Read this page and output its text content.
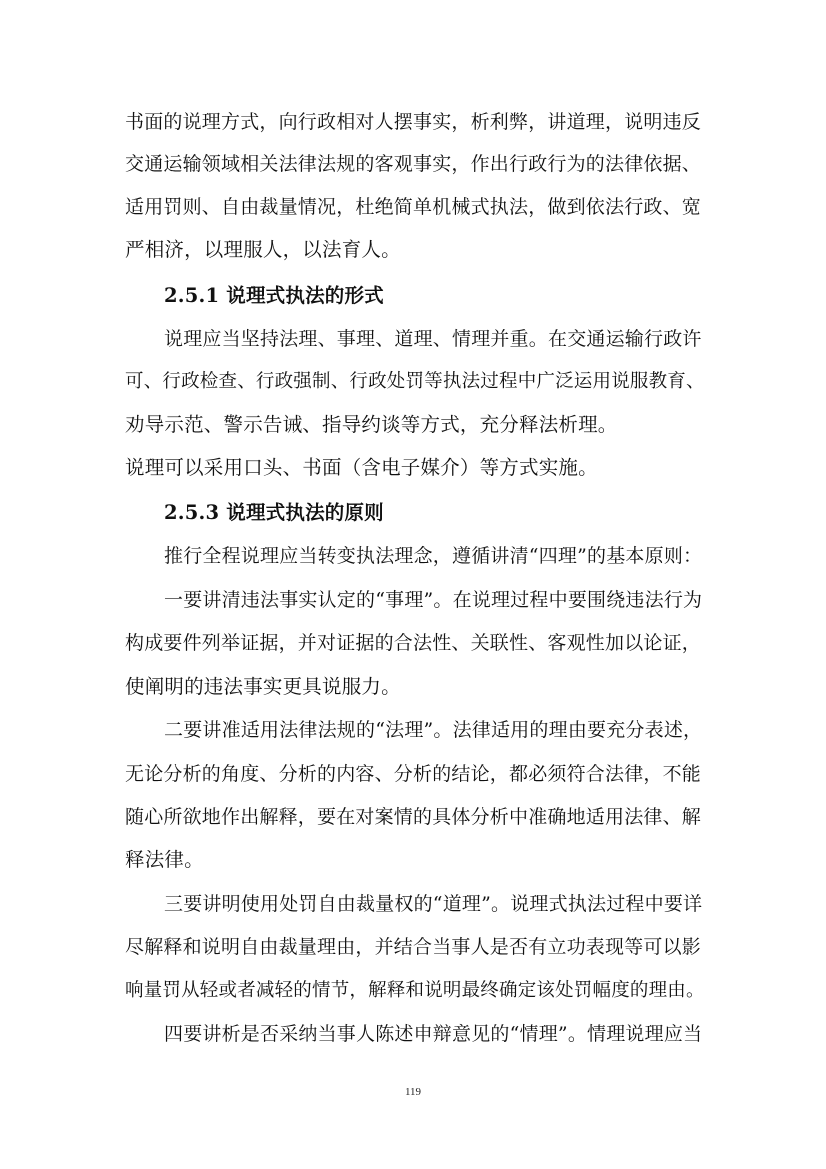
书面的说理方式，向行政相对人摆事实，析利弊，讲道理，说明违反
交通运输领域相关法律法规的客观事实，作出行政行为的法律依据、
适用罚则、自由裁量情况，杜绝简单机械式执法，做到依法行政、宽
严相济，以理服人，以法育人。
2.5.1 说理式执法的形式
说理应当坚持法理、事理、道理、情理并重。在交通运输行政许
可、行政检查、行政强制、行政处罚等执法过程中广泛运用说服教育、
劝导示范、警示告诫、指导约谈等方式，充分释法析理。
说理可以采用口头、书面（含电子媒介）等方式实施。
2.5.3 说理式执法的原则
推行全程说理应当转变执法理念，遵循讲清“四理”的基本原则：
一要讲清违法事实认定的“事理”。在说理过程中要围绕违法行为
构成要件列举证据，并对证据的合法性、关联性、客观性加以论证，
使阐明的违法事实更具说服力。
二要讲准适用法律法规的“法理”。法律适用的理由要充分表述，
无论分析的角度、分析的内容、分析的结论，都必须符合法律，不能
随心所欲地作出解释，要在对案情的具体分析中准确地适用法律、解
释法律。
三要讲明使用处罚自由裁量权的“道理”。说理式执法过程中要详
尽解释和说明自由裁量理由，并结合当事人是否有立功表现等可以影
响量罚从轻或者减轻的情节，解释和说明最终确定该处罚幅度的理由。
四要讲析是否采纳当事人陈述申辩意见的“情理”。情理说理应当
119
